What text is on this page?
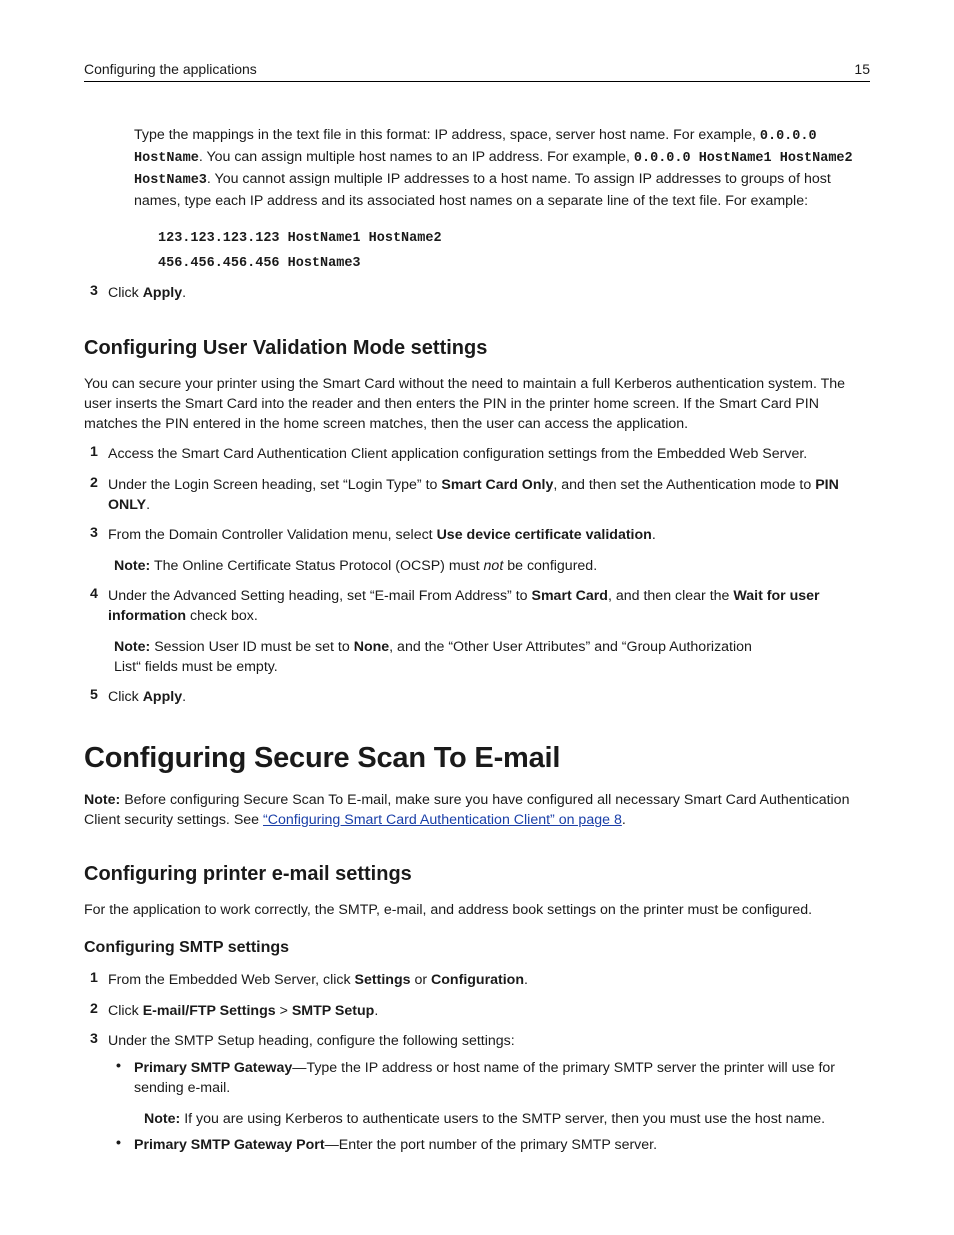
Configuring the applications	15

Type the mappings in the text file in this format: IP address, space, server host name. For example, 0.0.0.0 HostName. You can assign multiple host names to an IP address. For example, 0.0.0.0 HostName1 HostName2 HostName3. You cannot assign multiple IP addresses to a host name. To assign IP addresses to groups of host names, type each IP address and its associated host names on a separate line of the text file. For example:

123.123.123.123 HostName1 HostName2

456.456.456.456 HostName3

3 Click Apply.

Configuring User Validation Mode settings

You can secure your printer using the Smart Card without the need to maintain a full Kerberos authentication system. The user inserts the Smart Card into the reader and then enters the PIN in the printer home screen. If the Smart Card PIN matches the PIN entered in the home screen matches, then the user can access the application.

1 Access the Smart Card Authentication Client application configuration settings from the Embedded Web Server.

2 Under the Login Screen heading, set “Login Type” to Smart Card Only, and then set the Authentication mode to PIN ONLY.

3 From the Domain Controller Validation menu, select Use device certificate validation.

Note: The Online Certificate Status Protocol (OCSP) must not be configured.

4 Under the Advanced Setting heading, set “E-mail From Address” to Smart Card, and then clear the Wait for user information check box.

Note: Session User ID must be set to None, and the “Other User Attributes” and “Group Authorization
List“ fields must be empty.

5 Click Apply.

Configuring Secure Scan To E-mail

Note: Before configuring Secure Scan To E-mail, make sure you have configured all necessary Smart Card Authentication Client security settings. See “Configuring Smart Card Authentication Client” on page 8.

Configuring printer e-mail settings

For the application to work correctly, the SMTP, e-mail, and address book settings on the printer must be configured.

Configuring SMTP settings
1 From the Embedded Web Server, click Settings or Configuration.

2 Click E-mail/FTP Settings > SMTP Setup.

3 Under the SMTP Setup heading, configure the following settings:

• Primary SMTP Gateway—Type the IP address or host name of the primary SMTP server the printer will use for sending e-mail.

Note: If you are using Kerberos to authenticate users to the SMTP server, then you must use the host name.

• Primary SMTP Gateway Port—Enter the port number of the primary SMTP server.
